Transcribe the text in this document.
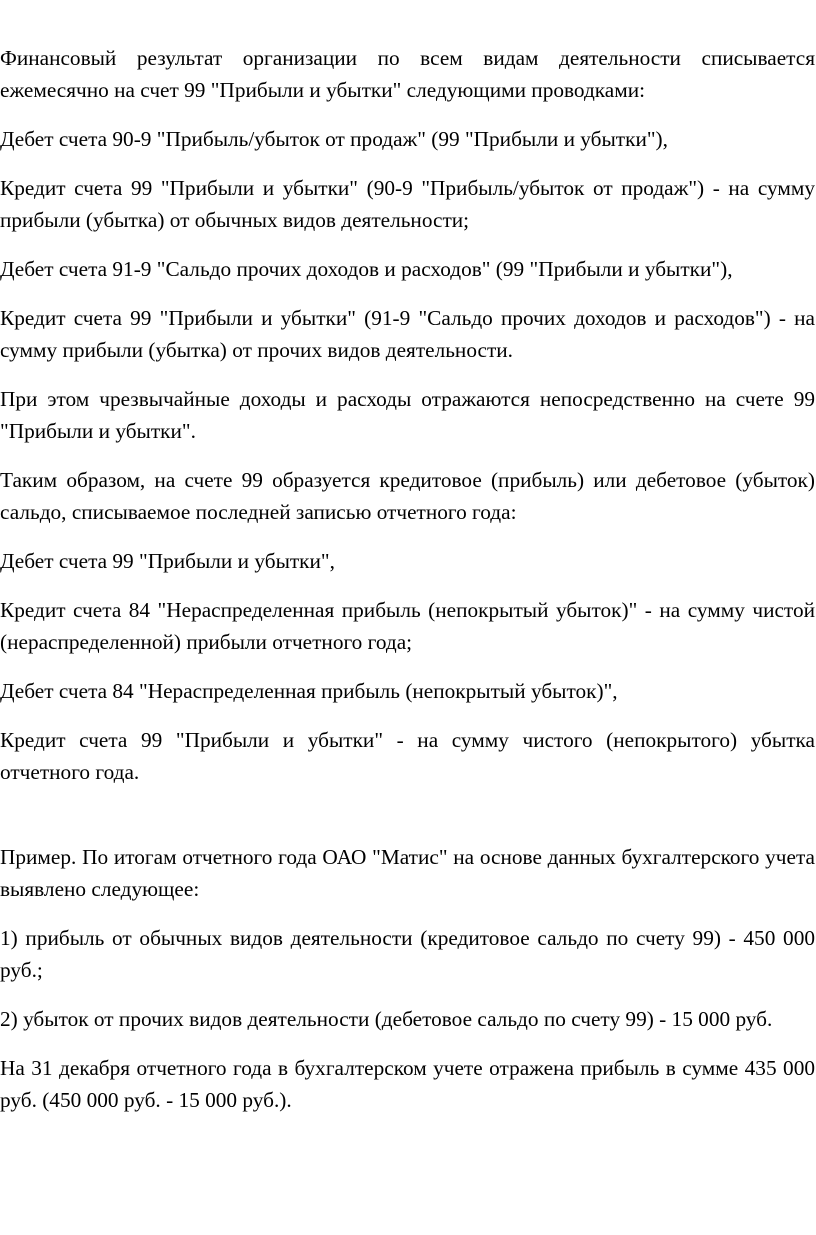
Финансовый результат организации по всем видам деятельности списывается ежемесячно на счет 99 "Прибыли и убытки" следующими проводками:

Дебет счета 90-9 "Прибыль/убыток от продаж" (99 "Прибыли и убытки"),

Кредит счета 99 "Прибыли и убытки" (90-9 "Прибыль/убыток от продаж") - на сумму прибыли (убытка) от обычных видов деятельности;

Дебет счета 91-9 "Сальдо прочих доходов и расходов" (99 "Прибыли и убытки"),

Кредит счета 99 "Прибыли и убытки" (91-9 "Сальдо прочих доходов и расходов") - на сумму прибыли (убытка) от прочих видов деятельности.

При этом чрезвычайные доходы и расходы отражаются непосредственно на счете 99 "Прибыли и убытки".

Таким образом, на счете 99 образуется кредитовое (прибыль) или дебетовое (убыток) сальдо, списываемое последней записью отчетного года:

Дебет счета 99 "Прибыли и убытки",

Кредит счета 84 "Нераспределенная прибыль (непокрытый убыток)" - на сумму чистой (нераспределенной) прибыли отчетного года;

Дебет счета 84 "Нераспределенная прибыль (непокрытый убыток)",

Кредит счета 99 "Прибыли и убытки" - на сумму чистого (непокрытого) убытка отчетного года.

Пример. По итогам отчетного года ОАО "Матис" на основе данных бухгалтерского учета выявлено следующее:

1) прибыль от обычных видов деятельности (кредитовое сальдо по счету 99) - 450 000 руб.;

2) убыток от прочих видов деятельности (дебетовое сальдо по счету 99) - 15 000 руб.

На 31 декабря отчетного года в бухгалтерском учете отражена прибыль в сумме 435 000 руб. (450 000 руб. - 15 000 руб.).
